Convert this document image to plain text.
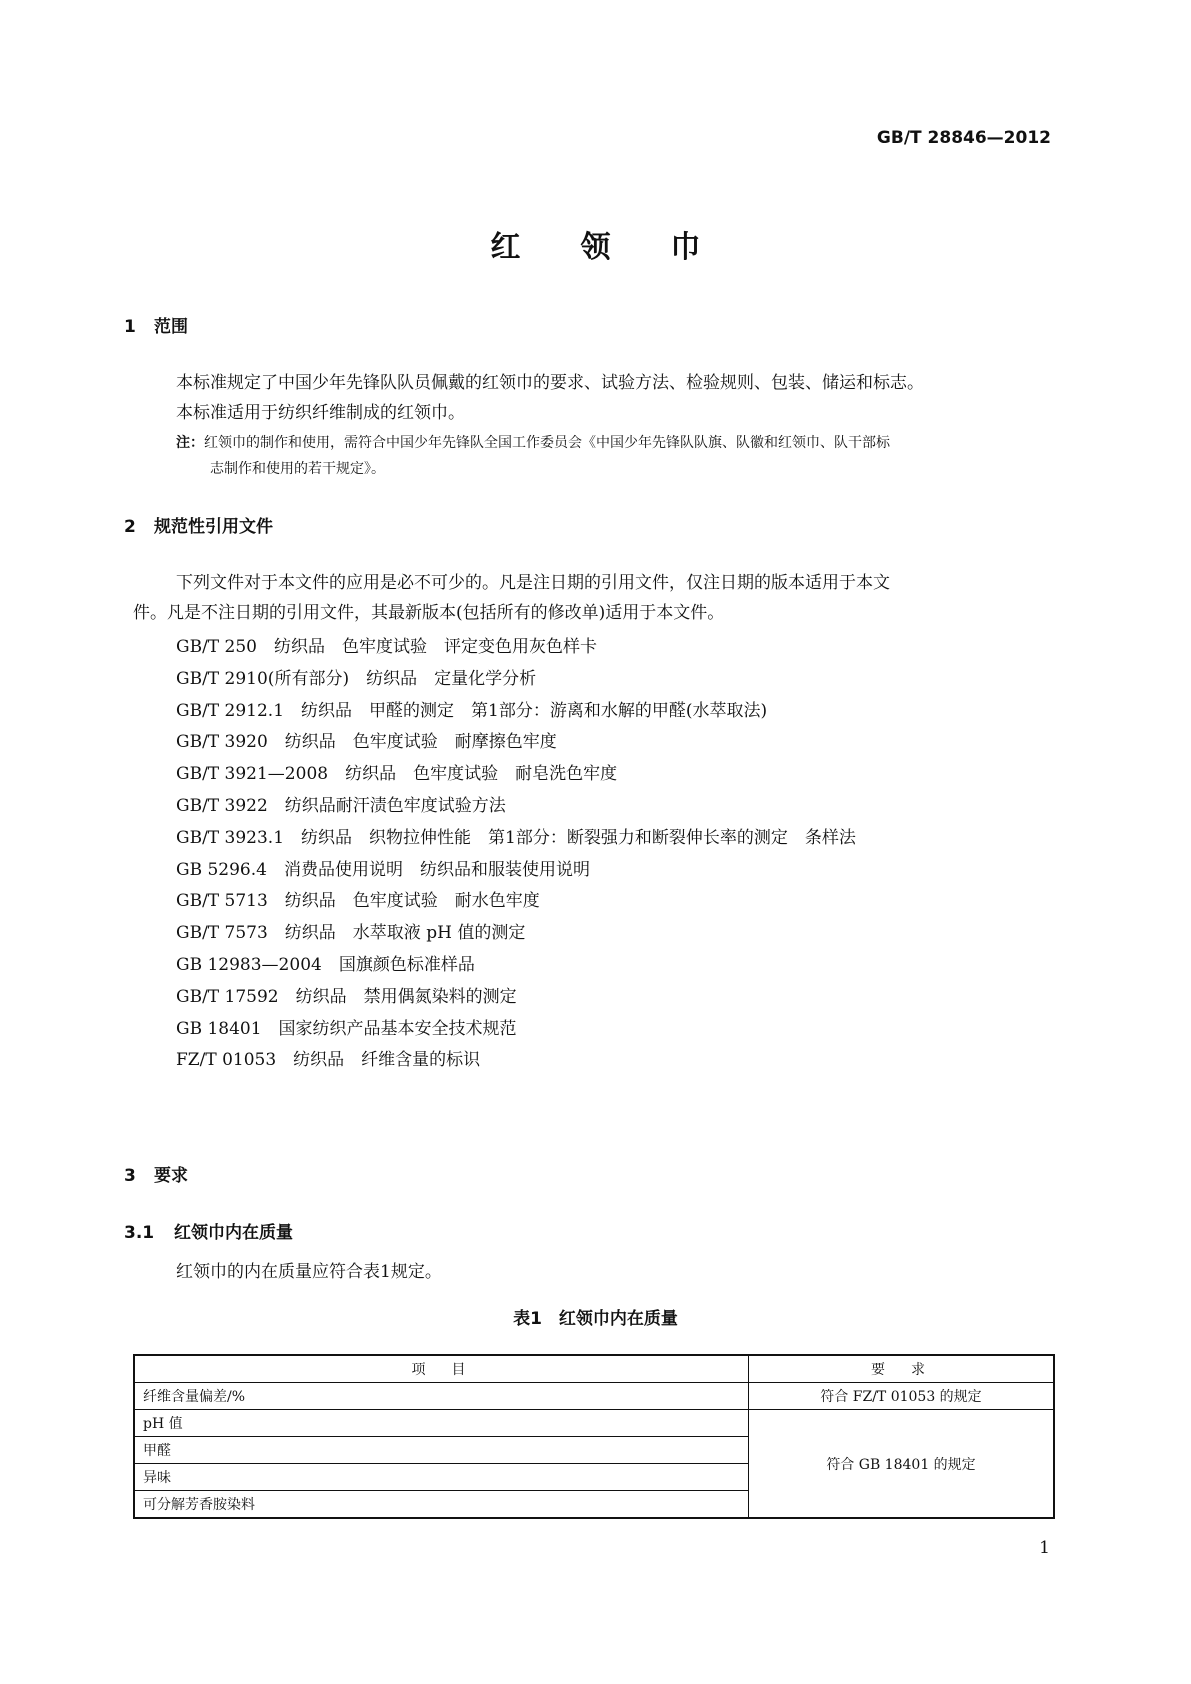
GB/T 28846—2012
红领巾
1 范围

本标准规定了中国少年先锋队队员佩戴的红领巾的要求、试验方法、检验规则、包装、储运和标志。

本标准适用于纺织纤维制成的红领巾。

注：红领巾的制作和使用，需符合中国少年先锋队全国工作委员会《中国少年先锋队队旗、队徽和红领巾、队干部标
志制作和使用的若干规定》。
2 规范性引用文件

下列文件对于本文件的应用是必不可少的。凡是注日期的引用文件，仅注日期的版本适用于本文

件。凡是不注日期的引用文件，其最新版本(包括所有的修改单)适用于本文件。

GB/T 250　纺织品　色牢度试验　评定变色用灰色样卡
GB/T 2910(所有部分)　纺织品　定量化学分析
GB/T 2912.1　纺织品　甲醛的测定　第1部分：游离和水解的甲醛(水萃取法)
GB/T 3920　纺织品　色牢度试验　耐摩擦色牢度
GB/T 3921—2008　纺织品　色牢度试验　耐皂洗色牢度
GB/T 3922　纺织品耐汗渍色牢度试验方法
GB/T 3923.1　纺织品　织物拉伸性能　第1部分：断裂强力和断裂伸长率的测定　条样法
GB 5296.4　消费品使用说明　纺织品和服装使用说明
GB/T 5713　纺织品　色牢度试验　耐水色牢度
GB/T 7573　纺织品　水萃取液 pH 值的测定
GB 12983—2004　国旗颜色标准样品
GB/T 17592　纺织品　禁用偶氮染料的测定
GB 18401　国家纺织产品基本安全技术规范
FZ/T 01053　纺织品　纤维含量的标识
3 要求
3.1 红领巾内在质量

红领巾的内在质量应符合表1规定。

表1　红领巾内在质量
项　目	要　求
纤维含量偏差/%	符合 FZ/T 01053 的规定
pH 值	符合 GB 18401 的规定
甲醛	
异味	
可分解芳香胺染料	
1
